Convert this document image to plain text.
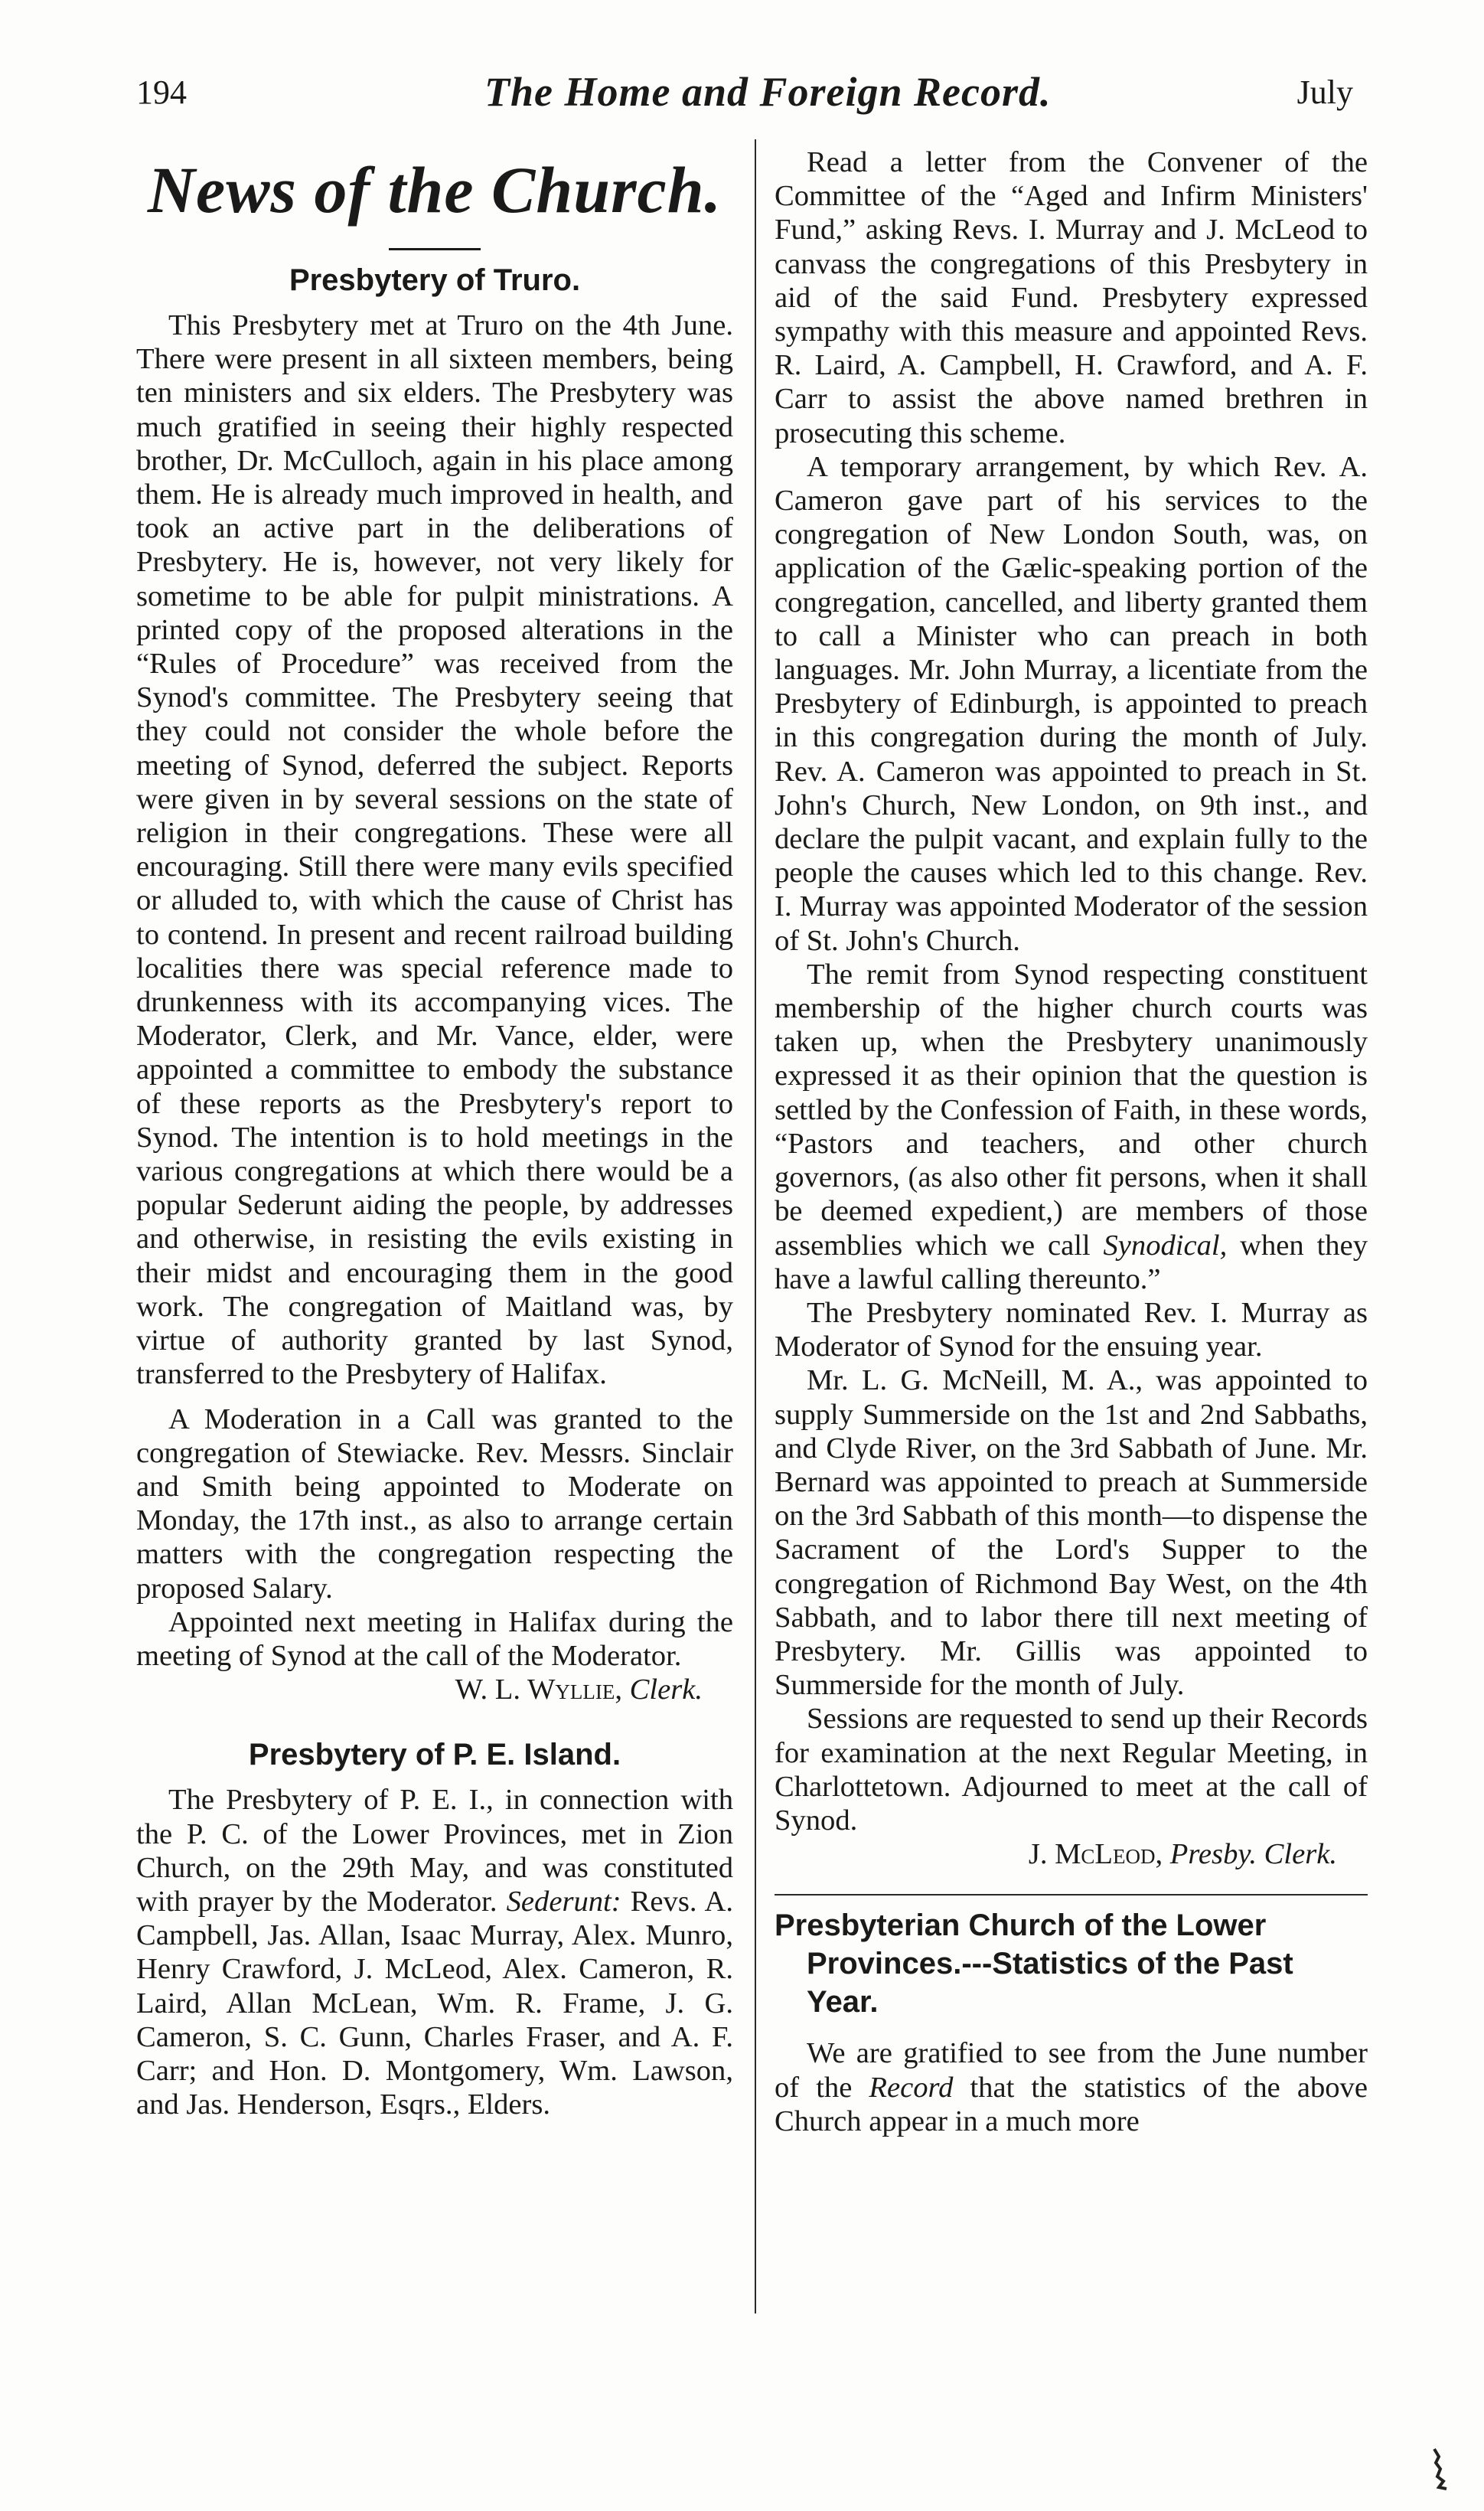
194	The Home and Foreign Record.	July
News of the Church.
Presbytery of Truro.

This Presbytery met at Truro on the 4th June. There were present in all sixteen members, being ten ministers and six elders. The Presbytery was much gratified in seeing their highly respected brother, Dr. McCulloch, again in his place among them. He is already much improved in health, and took an active part in the deliberations of Presbytery. He is, however, not very likely for sometime to be able for pulpit ministrations. A printed copy of the proposed alterations in the “Rules of Procedure” was received from the Synod's committee. The Presbytery seeing that they could not consider the whole before the meeting of Synod, deferred the subject. Reports were given in by several sessions on the state of religion in their congregations. These were all encouraging. Still there were many evils specified or alluded to, with which the cause of Christ has to contend. In present and recent railroad building localities there was special reference made to drunkenness with its accompanying vices. The Moderator, Clerk, and Mr. Vance, elder, were appointed a committee to embody the substance of these reports as the Presbytery's report to Synod. The intention is to hold meetings in the various congregations at which there would be a popular Sederunt aiding the people, by addresses and otherwise, in resisting the evils existing in their midst and encouraging them in the good work. The congregation of Maitland was, by virtue of authority granted by last Synod, transferred to the Presbytery of Halifax.

A Moderation in a Call was granted to the congregation of Stewiacke. Rev. Messrs. Sinclair and Smith being appointed to Moderate on Monday, the 17th inst., as also to arrange certain matters with the congregation respecting the proposed Salary.

Appointed next meeting in Halifax during the meeting of Synod at the call of the Moderator.

W. L. Wyllie, Clerk.
Presbytery of P. E. Island.

The Presbytery of P. E. I., in connection with the P. C. of the Lower Provinces, met in Zion Church, on the 29th May, and was constituted with prayer by the Moderator. Sederunt: Revs. A. Campbell, Jas. Allan, Isaac Murray, Alex. Munro, Henry Crawford, J. McLeod, Alex. Cameron, R. Laird, Allan McLean, Wm. R. Frame, J. G. Cameron, S. C. Gunn, Charles Fraser, and A. F. Carr; and Hon. D. Montgomery, Wm. Lawson, and Jas. Henderson, Esqrs., Elders.

Read a letter from the Convener of the Committee of the “Aged and Infirm Ministers' Fund,” asking Revs. I. Murray and J. McLeod to canvass the congregations of this Presbytery in aid of the said Fund. Presbytery expressed sympathy with this measure and appointed Revs. R. Laird, A. Campbell, H. Crawford, and A. F. Carr to assist the above named brethren in prosecuting this scheme.

A temporary arrangement, by which Rev. A. Cameron gave part of his services to the congregation of New London South, was, on application of the Gælic-speaking portion of the congregation, cancelled, and liberty granted them to call a Minister who can preach in both languages. Mr. John Murray, a licentiate from the Presbytery of Edinburgh, is appointed to preach in this congregation during the month of July. Rev. A. Cameron was appointed to preach in St. John's Church, New London, on 9th inst., and declare the pulpit vacant, and explain fully to the people the causes which led to this change. Rev. I. Murray was appointed Moderator of the session of St. John's Church.

The remit from Synod respecting constituent membership of the higher church courts was taken up, when the Presbytery unanimously expressed it as their opinion that the question is settled by the Confession of Faith, in these words, “Pastors and teachers, and other church governors, (as also other fit persons, when it shall be deemed expedient,) are members of those assemblies which we call Synodical, when they have a lawful calling thereunto.”

The Presbytery nominated Rev. I. Murray as Moderator of Synod for the ensuing year.

Mr. L. G. McNeill, M. A., was appointed to supply Summerside on the 1st and 2nd Sabbaths, and Clyde River, on the 3rd Sabbath of June. Mr. Bernard was appointed to preach at Summerside on the 3rd Sabbath of this month—to dispense the Sacrament of the Lord's Supper to the congregation of Richmond Bay West, on the 4th Sabbath, and to labor there till next meeting of Presbytery. Mr. Gillis was appointed to Summerside for the month of July.

Sessions are requested to send up their Records for examination at the next Regular Meeting, in Charlottetown. Adjourned to meet at the call of Synod.

J. McLeod, Presby. Clerk.
Presbyterian Church of the Lower Provinces.---Statistics of the Past Year.

We are gratified to see from the June number of the Record that the statistics of the above Church appear in a much more
